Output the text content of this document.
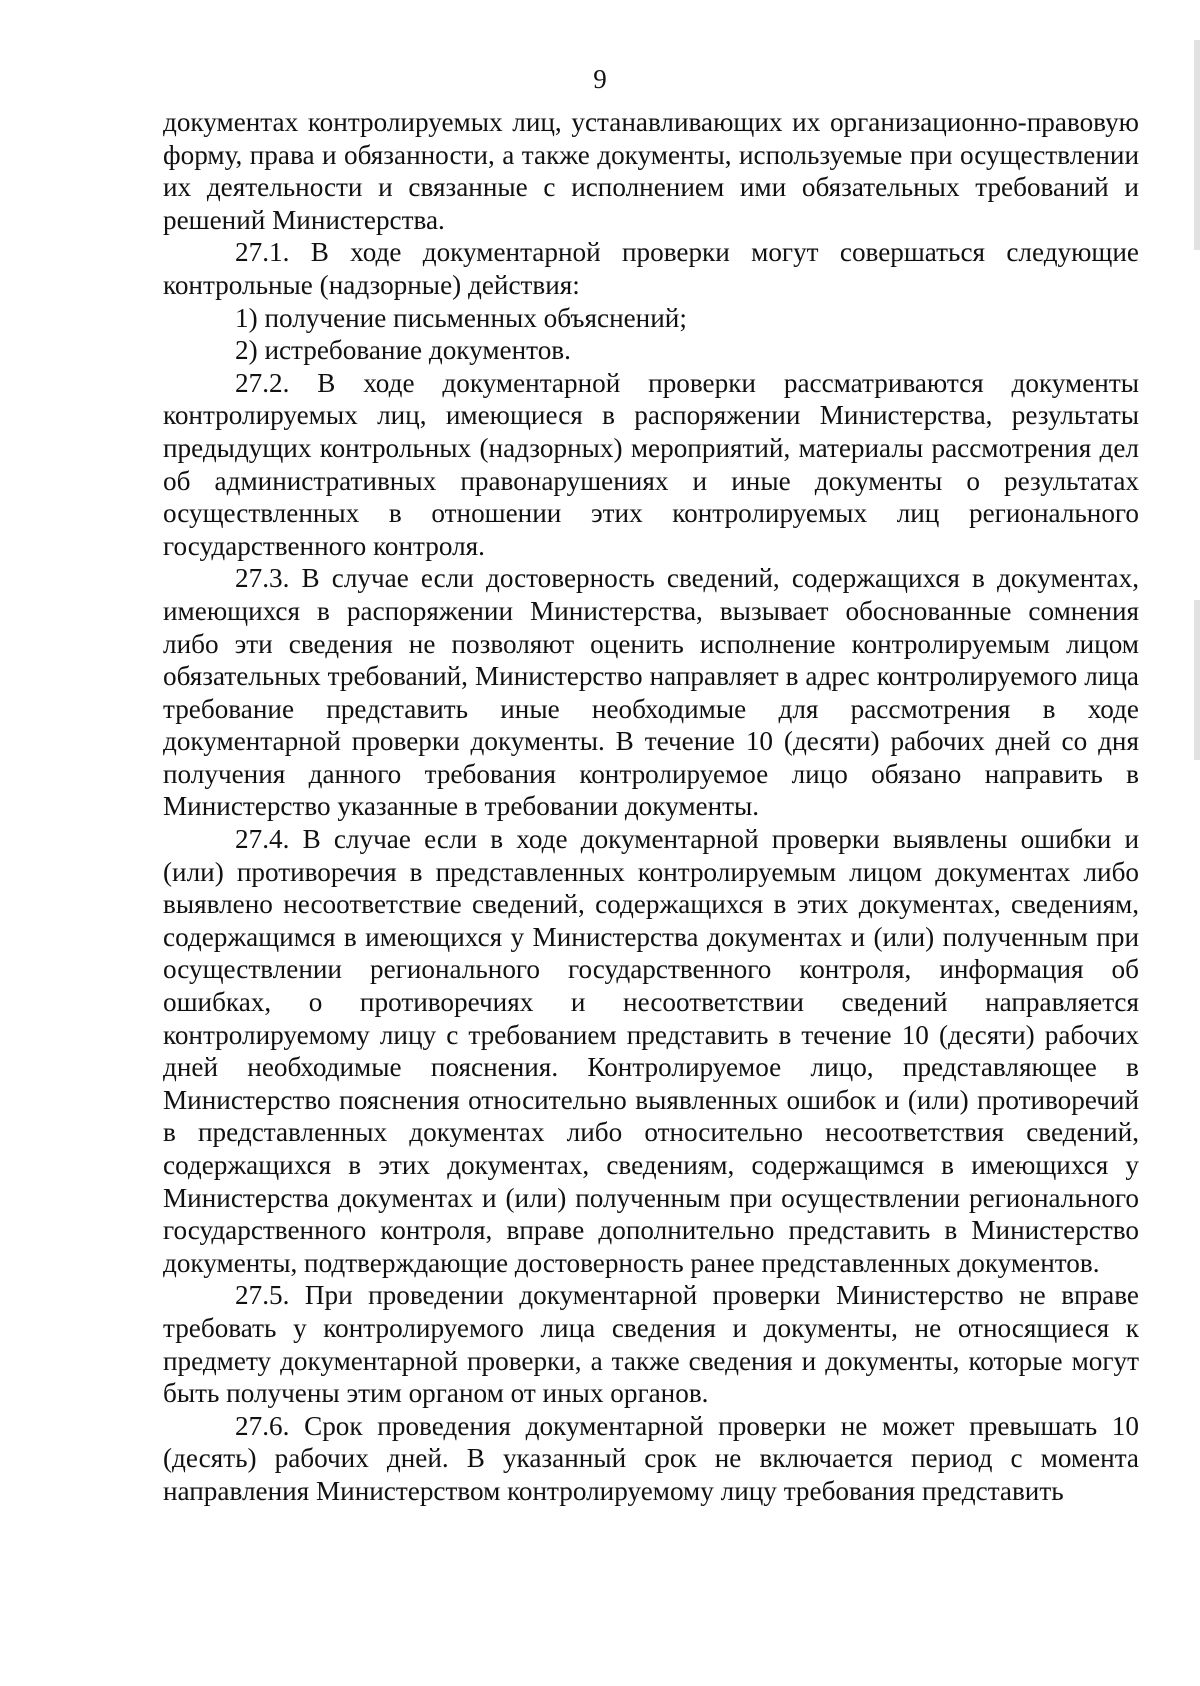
9

документах контролируемых лиц, устанавливающих их организационно-правовую форму, права и обязанности, а также документы, используемые при осуществлении их деятельности и связанные с исполнением ими обязательных требований и решений Министерства.

27.1. В ходе документарной проверки могут совершаться следующие контрольные (надзорные) действия:

1) получение письменных объяснений;

2) истребование документов.

27.2. В ходе документарной проверки рассматриваются документы контролируемых лиц, имеющиеся в распоряжении Министерства, результаты предыдущих контрольных (надзорных) мероприятий, материалы рассмотрения дел об административных правонарушениях и иные документы о результатах осуществленных в отношении этих контролируемых лиц регионального государственного контроля.

27.3. В случае если достоверность сведений, содержащихся в документах, имеющихся в распоряжении Министерства, вызывает обоснованные сомнения либо эти сведения не позволяют оценить исполнение контролируемым лицом обязательных требований, Министерство направляет в адрес контролируемого лица требование представить иные необходимые для рассмотрения в ходе документарной проверки документы. В течение 10 (десяти) рабочих дней со дня получения данного требования контролируемое лицо обязано направить в Министерство указанные в требовании документы.

27.4. В случае если в ходе документарной проверки выявлены ошибки и (или) противоречия в представленных контролируемым лицом документах либо выявлено несоответствие сведений, содержащихся в этих документах, сведениям, содержащимся в имеющихся у Министерства документах и (или) полученным при осуществлении регионального государственного контроля, информация об ошибках, о противоречиях и несоответствии сведений направляется контролируемому лицу с требованием представить в течение 10 (десяти) рабочих дней необходимые пояснения. Контролируемое лицо, представляющее в Министерство пояснения относительно выявленных ошибок и (или) противоречий в представленных документах либо относительно несоответствия сведений, содержащихся в этих документах, сведениям, содержащимся в имеющихся у Министерства документах и (или) полученным при осуществлении регионального государственного контроля, вправе дополнительно представить в Министерство документы, подтверждающие достоверность ранее представленных документов.

27.5. При проведении документарной проверки Министерство не вправе требовать у контролируемого лица сведения и документы, не относящиеся к предмету документарной проверки, а также сведения и документы, которые могут быть получены этим органом от иных органов.

27.6. Срок проведения документарной проверки не может превышать 10 (десять) рабочих дней. В указанный срок не включается период с момента направления Министерством контролируемому лицу требования представить
